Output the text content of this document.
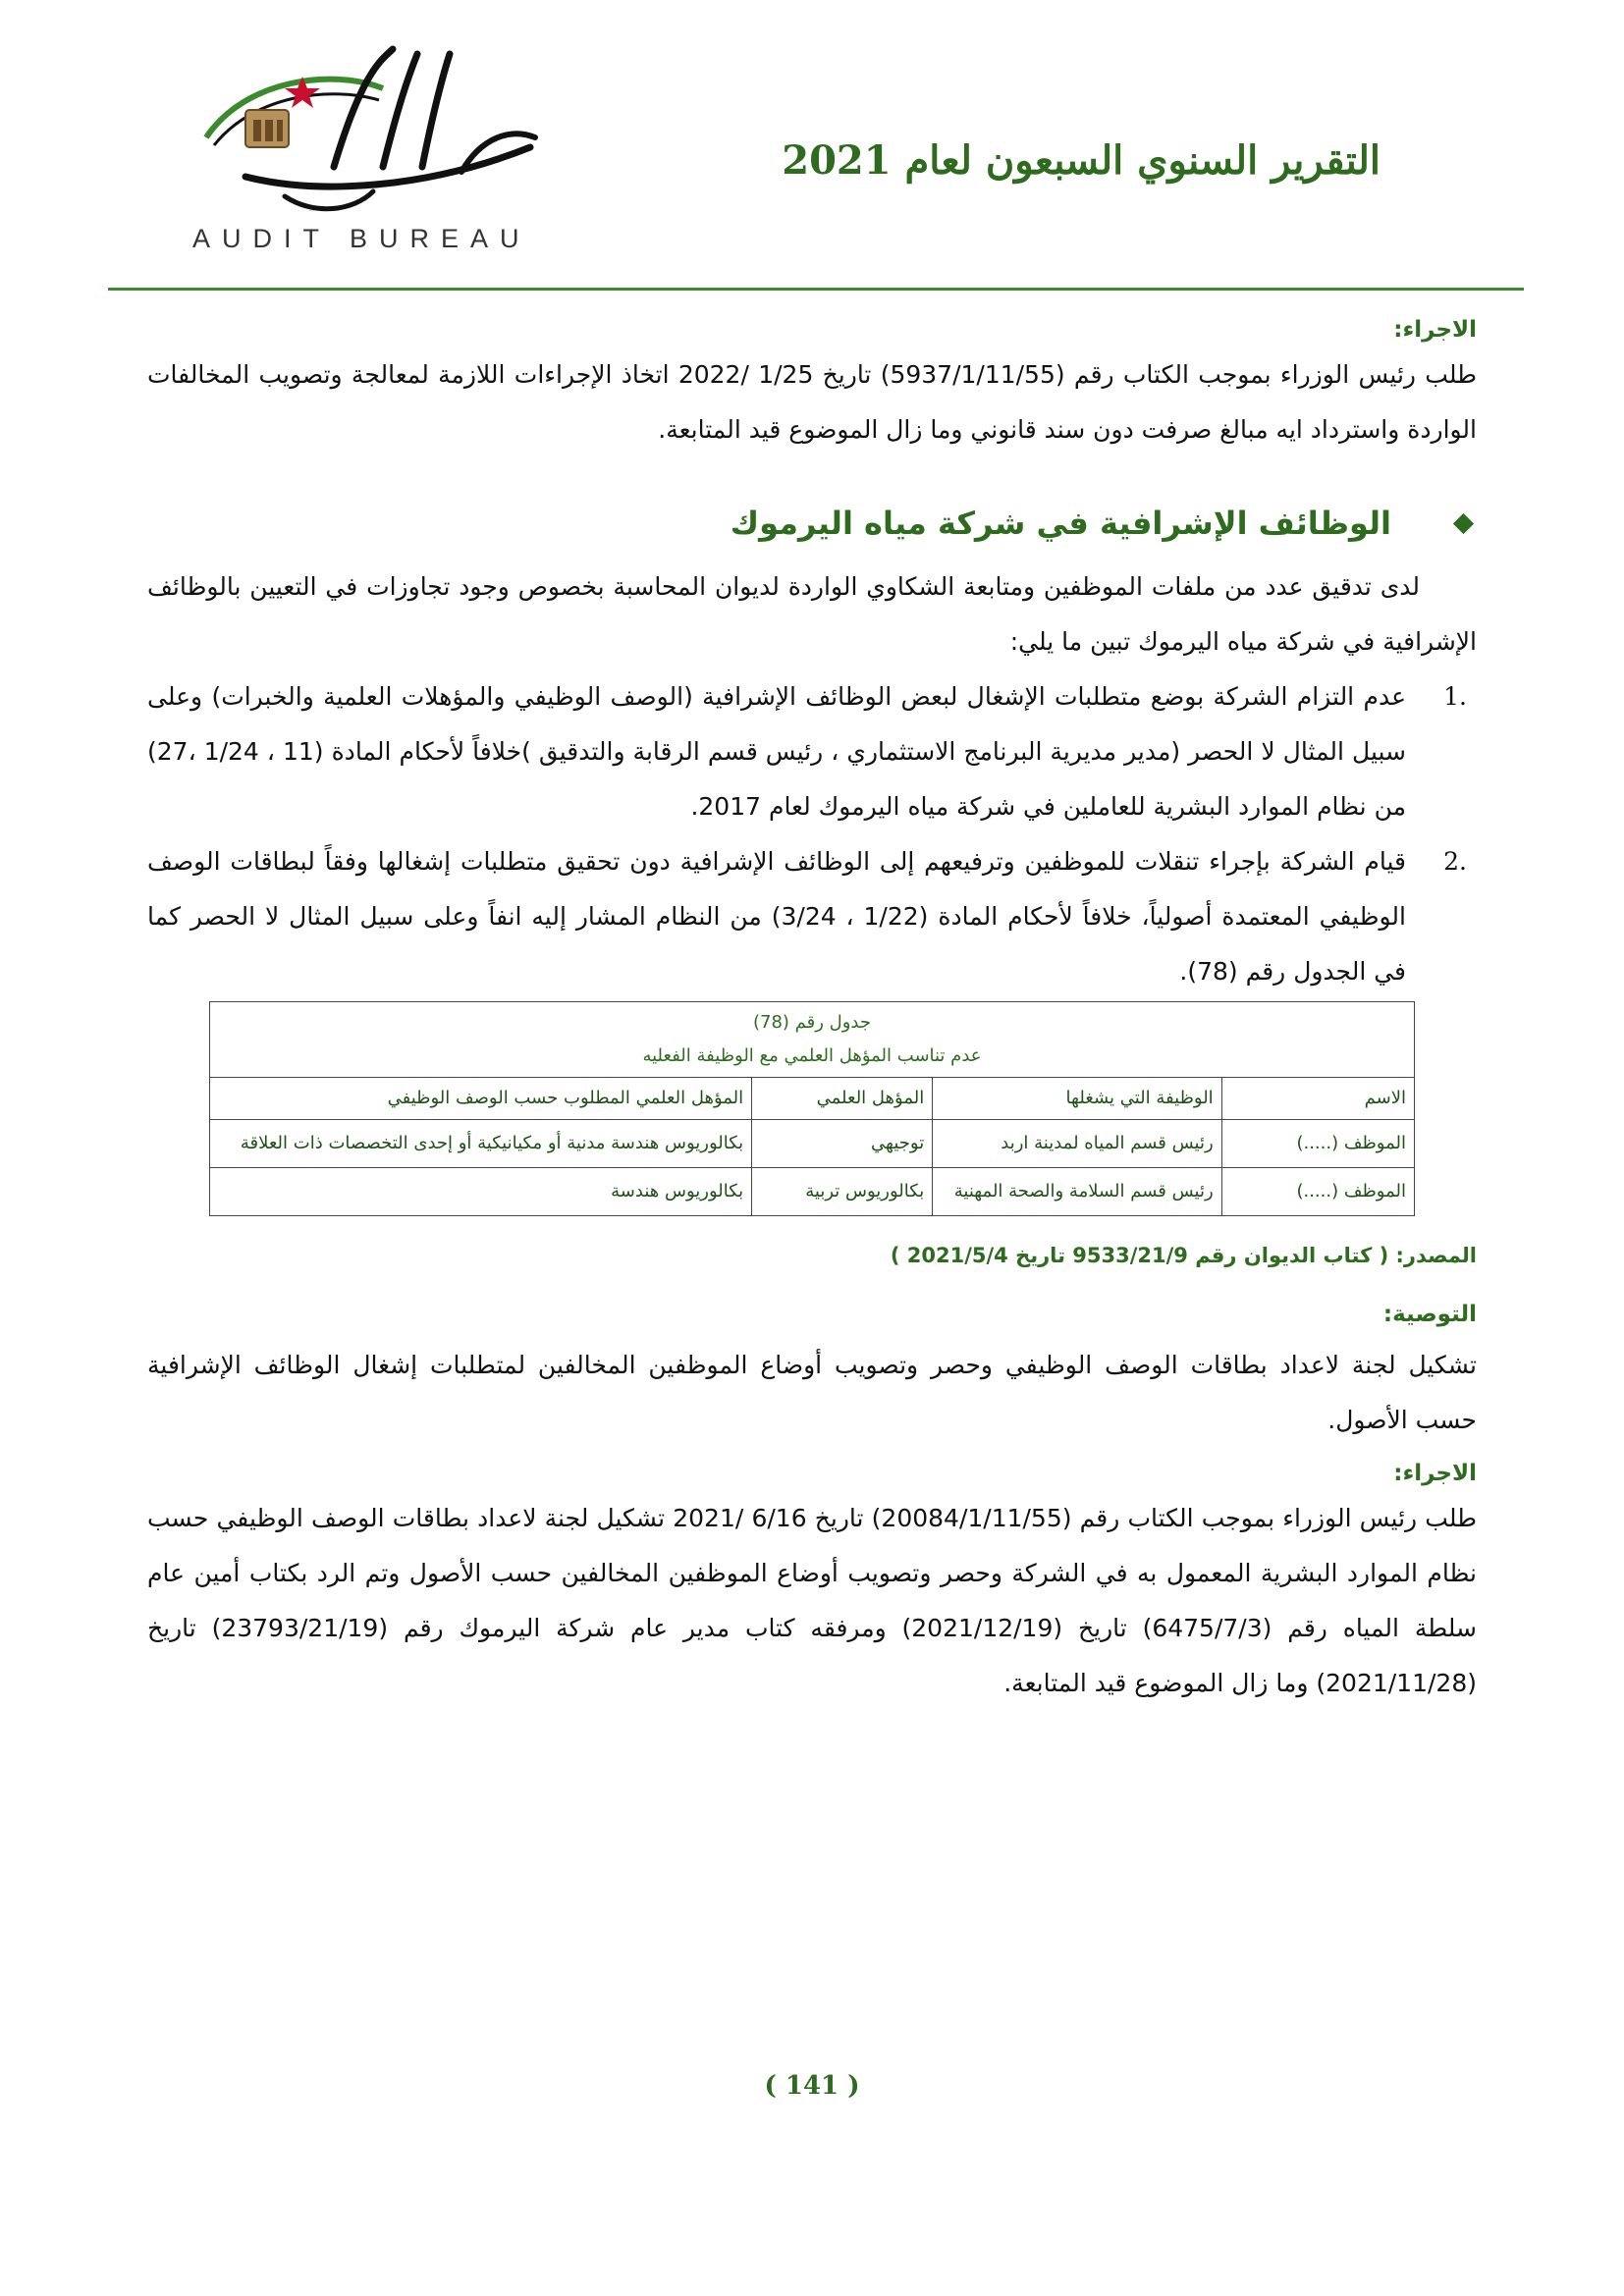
التقرير السنوي السبعون لعام 2021
ديوان المحاسبة
AUDIT BUREAU

الاجراء:

طلب رئيس الوزراء بموجب الكتاب رقم (5937/1/11/55) تاريخ 1/25 /2022 اتخاذ الإجراءات اللازمة لمعالجة وتصويب المخالفات الواردة واسترداد ايه مبالغ صرفت دون سند قانوني وما زال الموضوع قيد المتابعة.

الوظائف الإشرافية في شركة مياه اليرموك

لدى تدقيق عدد من ملفات الموظفين ومتابعة الشكاوي الواردة لديوان المحاسبة بخصوص وجود تجاوزات في التعيين بالوظائف الإشرافية في شركة مياه اليرموك تبين ما يلي:

1.
عدم التزام الشركة بوضع متطلبات الإشغال لبعض الوظائف الإشرافية (الوصف الوظيفي والمؤهلات العلمية والخبرات) وعلى سبيل المثال لا الحصر (مدير مديرية البرنامج الاستثماري ، رئيس قسم الرقابة والتدقيق )خلافاً لأحكام المادة (11 ، 1/24 ،27) من نظام الموارد البشرية للعاملين في شركة مياه اليرموك لعام 2017.
2.
قيام الشركة بإجراء تنقلات للموظفين وترفيعهم إلى الوظائف الإشرافية دون تحقيق متطلبات إشغالها وفقاً لبطاقات الوصف الوظيفي المعتمدة أصولياً، خلافاً لأحكام المادة (1/22 ، 3/24) من النظام المشار إليه انفاً وعلى سبيل المثال لا الحصر كما في الجدول رقم (78).
جدول رقم (78)
عدم تناسب المؤهل العلمي مع الوظيفة الفعليه			

الاسم	الوظيفة التي يشغلها	المؤهل العلمي	المؤهل العلمي المطلوب حسب الوصف الوظيفي
الموظف (.....)	رئيس قسم المياه لمدينة اربد	توجيهي	بكالوريوس هندسة مدنية أو مكيانيكية أو إحدى التخصصات ذات العلاقة
الموظف (.....)	رئيس قسم السلامة والصحة المهنية	بكالوريوس تربية	بكالوريوس هندسة

المصدر: ( كتاب الديوان رقم 9533/21/9 تاريخ 2021/5/4 )

التوصية:

تشكيل لجنة لاعداد بطاقات الوصف الوظيفي وحصر وتصويب أوضاع الموظفين المخالفين لمتطلبات إشغال الوظائف الإشرافية حسب الأصول.

الاجراء:

طلب رئيس الوزراء بموجب الكتاب رقم (20084/1/11/55) تاريخ 6/16 /2021 تشكيل لجنة لاعداد بطاقات الوصف الوظيفي حسب نظام الموارد البشرية المعمول به في الشركة وحصر وتصويب أوضاع الموظفين المخالفين حسب الأصول وتم الرد بكتاب أمين عام سلطة المياه رقم (6475/7/3) تاريخ (2021/12/19) ومرفقه كتاب مدير عام شركة اليرموك رقم (23793/21/19) تاريخ (2021/11/28) وما زال الموضوع قيد المتابعة.

( 141 )
